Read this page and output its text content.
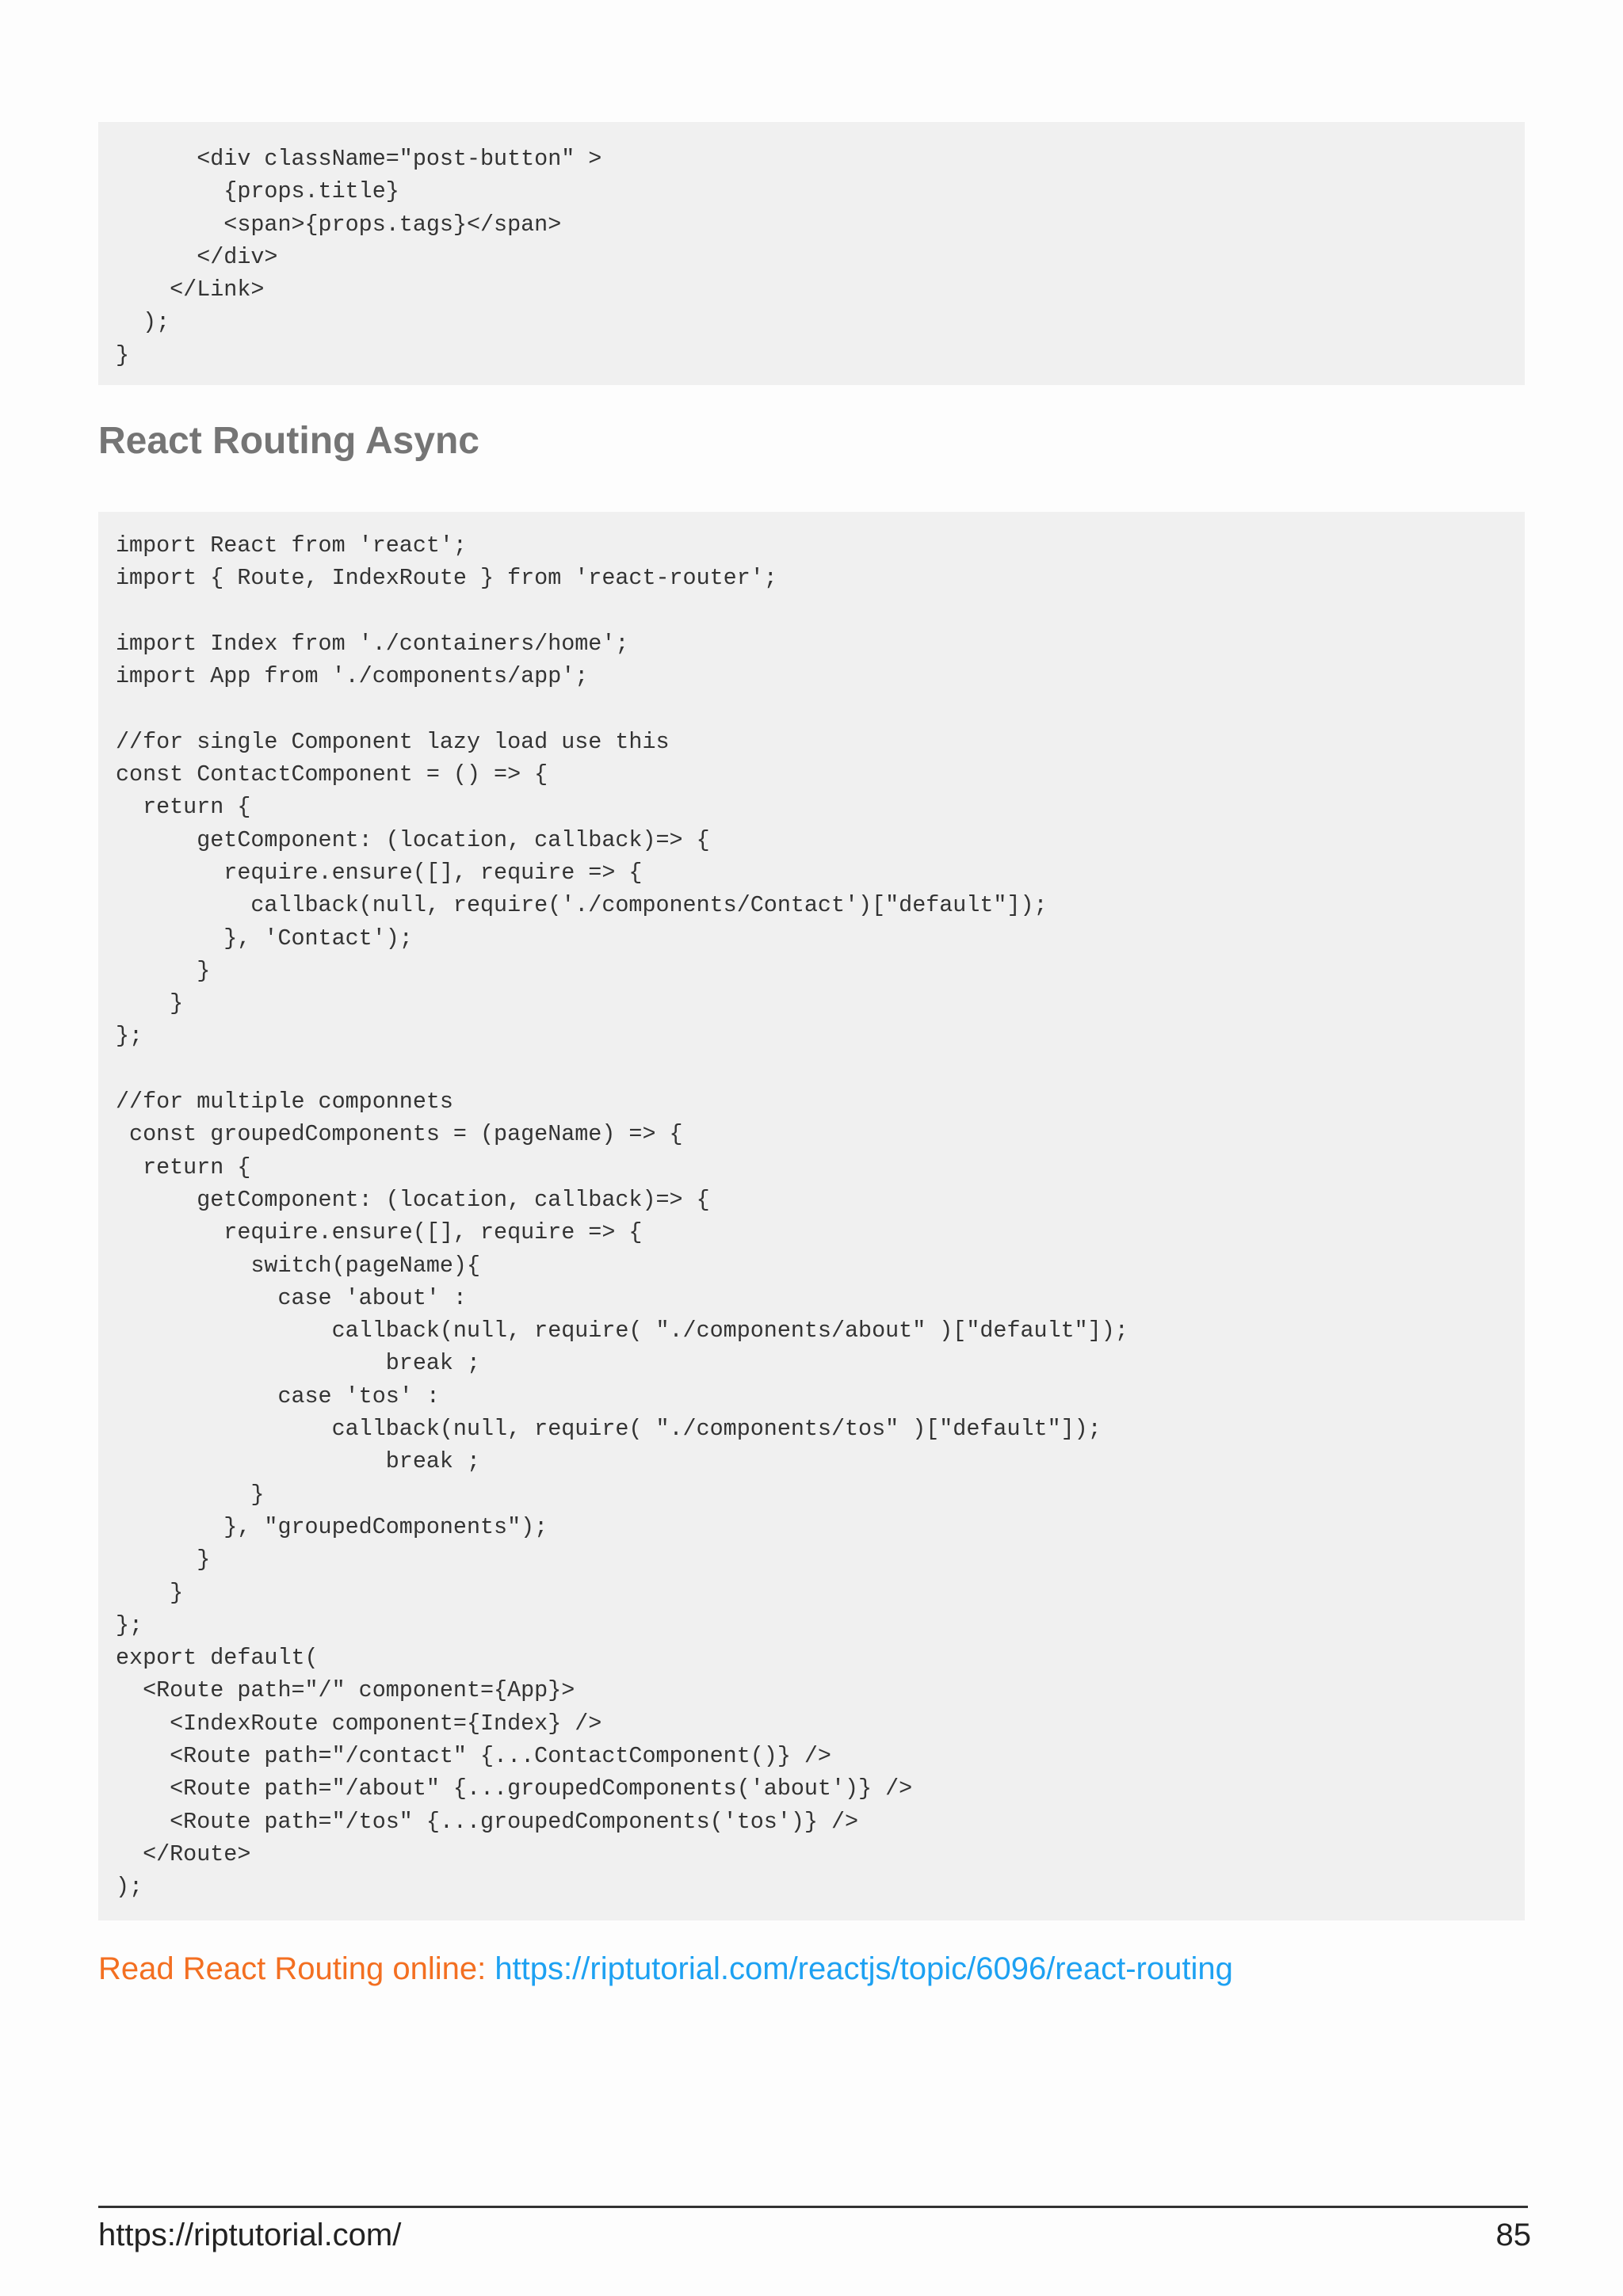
<div className="post-button" >
{props.title}
<span>{props.tags}</span>
</div>
</Link>
);
}
React Routing Async
import React from 'react';
import { Route, IndexRoute } from 'react-router';

import Index from './containers/home';
import App from './components/app';

//for single Component lazy load use this
const ContactComponent = () => {
return {
getComponent: (location, callback)=> {
require.ensure([], require => {
callback(null, require('./components/Contact')["default"]);
}, 'Contact');
}
}
};

//for multiple componnets
const groupedComponents = (pageName) => {
return {
getComponent: (location, callback)=> {
require.ensure([], require => {
switch(pageName){
case 'about' :
callback(null, require( "./components/about" )["default"]);
break ;
case 'tos' :
callback(null, require( "./components/tos" )["default"]);
break ;
}
}, "groupedComponents");
}
}
};
export default(
<Route path="/" component={App}>
<IndexRoute component={Index} />
<Route path="/contact" {...ContactComponent()} />
<Route path="/about" {...groupedComponents('about')} />
<Route path="/tos" {...groupedComponents('tos')} />
</Route>
);

Read React Routing online: https://riptutorial.com/reactjs/topic/6096/react-routing

https://riptutorial.com/	85
